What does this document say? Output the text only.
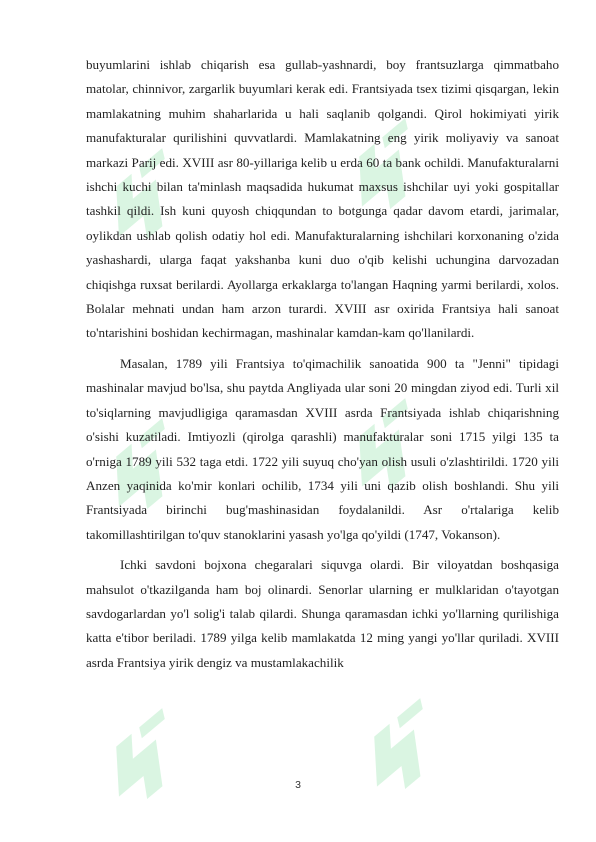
buyumlarini ishlab chiqarish esa gullab-yashnardi, boy frantsuzlarga qimmatbaho matolar, chinnivor, zargarlik buyumlari kerak edi. Frantsiyada tsex tizimi qisqargan, lekin mamlakatning muhim shaharlarida u hali saqlanib qolgandi. Qirol hokimiyati yirik manufakturalar qurilishini quvvatlardi. Mamlakatning eng yirik moliyaviy va sanoat markazi Parij edi. XVIII asr 80-yillariga kelib u erda 60 ta bank ochildi. Manufakturalarni ishchi kuchi bilan ta'minlash maqsadida hukumat maxsus ishchilar uyi yoki gospitallar tashkil qildi. Ish kuni quyosh chiqqundan to botgunga qadar davom etardi, jarimalar, oylikdan ushlab qolish odatiy hol edi. Manufakturalarning ishchilari korxonaning o'zida yashashardi, ularga faqat yakshanba kuni duo o'qib kelishi uchungina darvozadan chiqishga ruxsat berilardi. Ayollarga erkaklarga to'langan Haqning yarmi berilardi, xolos. Bolalar mehnati undan ham arzon turardi. XVIII asr oxirida Frantsiya hali sanoat to'ntarishini boshidan kechirmagan, mashinalar kamdan-kam qo'llanilardi.

Masalan, 1789 yili Frantsiya to'qimachilik sanoatida 900 ta "Jenni" tipidagi mashinalar mavjud bo'lsa, shu paytda Angliyada ular soni 20 mingdan ziyod edi. Turli xil to'siqlarning mavjudligiga qaramasdan XVIII asrda Frantsiyada ishlab chiqarishning o'sishi kuzatiladi. Imtiyozli (qirolga qarashli) manufakturalar soni 1715 yilgi 135 ta o'rniga 1789 yili 532 taga etdi. 1722 yili suyuq cho'yan olish usuli o'zlashtirildi. 1720 yili Anzen yaqinida ko'mir konlari ochilib, 1734 yili uni qazib olish boshlandi. Shu yili Frantsiyada birinchi bug'mashinasidan foydalanildi. Asr o'rtalariga kelib takomillashtirilgan to'quv stanoklarini yasash yo'lga qo'yildi (1747, Vokanson).

Ichki savdoni bojxona chegaralari siquvga olardi. Bir viloyatdan boshqasiga mahsulot o'tkazilganda ham boj olinardi. Senorlar ularning er mulklaridan o'tayotgan savdogarlardan yo'l solig'i talab qilardi. Shunga qaramasdan ichki yo'llarning qurilishiga katta e'tibor beriladi. 1789 yilga kelib mamlakatda 12 ming yangi yo'llar quriladi. XVIII asrda Frantsiya yirik dengiz va mustamlakachilik

3
